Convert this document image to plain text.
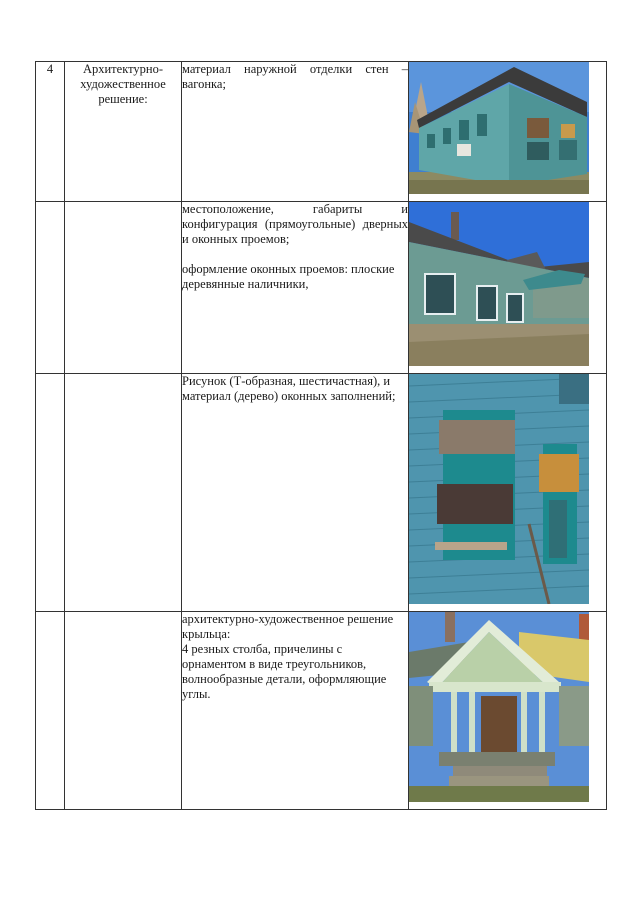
4	Архитектурно-художественное решение:	материал наружной отделки стен – вагонка;

		местоположение, габариты и конфигурация (прямоугольные) дверных и оконных проемов;

оформление оконных проемов: плоские деревянные наличники,

		Рисунок (Т-образная, шестичастная), и материал (дерево) оконных заполнений;

		архитектурно-художественное решение крыльца:

4 резных столба, причелины с орнаментом в виде треугольников, волнообразные детали, оформляющие углы.
